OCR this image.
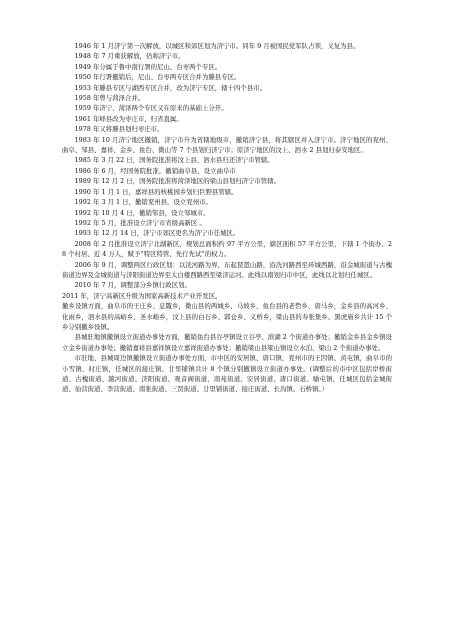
1946 年 1 月济宁第一次解放，以城区和郊区划为济宁市。同年 9 月被国民党军队占领，又复为县。

1948 年 7 月重获解放，仍称济宁市。

1949 年分属于鲁中南行署的尼山、台枣两个专区。

1950 年行署撤销后，尼山、台枣两专区合并为滕县专区。

1953 年滕县专区与湖西专区合并，改为济宁专区，辖十四个县市。

1958 年曾与菏泽合并。

1959 年济宁、菏泽两个专区又在原来的基础上分开。

1961 年峄县改为枣庄市，归省直属。

1978 年又将滕县划归枣庄市。

1983 年 10 月济宁地区撤销，济宁市升为省辖地级市，撤销济宁县，将其辖区并入济宁市。济宁地区的兖州、曲阜、邹县、嘉祥、金乡、鱼台、微山等 7 个县划归济宁市；原济宁地区的汶上、泗水 2 县划归泰安地区。

1985 年 3 月 22 日，国务院批准将汶上县、泗水县归还济宁市管辖。

1986 年 6 月，经国务院批准，撤销曲阜县，设立曲阜市

1989 年 12 月 2 日，国务院批准将菏泽地区的梁山县划归济宁市管辖。

1990 年 1 月 1 日，嘉祥县的核桃园乡划归巨野县管辖。

1992 年 3 月 1 日，撤销兖州县，设立兖州市。

1992 年 10 月 4 日，撤销邹县，设立邹城市。

1992 年 5 月，批准设立济宁市省级高新区 。

1993 年 12 月 14 日，济宁市郊区更名为济宁市任城区。

2008 年 2 月批准设立济宁北湖新区，规划总面积约 97 平方公里，辖区面积 57 平方公里，下辖 1 个街办、28 个村居、近 4 万人，赋予“特区特管、先行先试”的权力。

2006 年 9 月，调整两区行政区划：以洸河路为界，东起琵琶山路，沿洸河路西至环城西路，沿金城街道与古槐街道边界及金城街道与济阳街道边界至太白楼西路西至梁济运河。此线以南划归市中区，此线以北划归任城区。

2010 年 7 月，调整部分乡镇行政区划。

2011 年，济宁高新区升级为国家高新技术产业开发区。

撤乡设镇方面，曲阜市的王庄乡、息陬乡，微山县的两城乡、马坡乡，鱼台县的老砦乡、唐马乡，金乡县的高河乡、化雨乡，泗水县的高峪乡、圣水峪乡，汶上县的白石乡、郭仓乡、义桥乡，梁山县的寿张集乡、黑虎庙乡共计 15 个乡分别撤乡设镇。

县城驻地镇撤镇设立街道办事处方面，撤销鱼台县谷亭镇设立谷亭、滨湖 2 个街道办事处；撤销金乡县金乡镇设立金乡街道办事处；撤销嘉祥县嘉祥镇设立嘉祥街道办事处；撤销梁山县梁山镇设立水泊、梁山 2 个街道办事处。

市驻地、县城周边镇撤镇设立街道办事处方面，市中区的安居镇、唐口镇，兖州市的王因镇、黄屯镇，曲阜市的小雪镇、时庄镇，任城区的接庄镇、廿里铺镇共计 8 个镇分别撤镇设立街道办事处。(调整后的市中区包括岸桥街道、古槐街道、越河街道、济阳街道、观音阁街道、南苑街道、安居街道、唐口街道、喻屯镇，任城区包括金城街道、仙营街道、李营街道、南张街道、三贤街道、廿里铺街道、接庄街道、长沟镇、石桥镇。）
